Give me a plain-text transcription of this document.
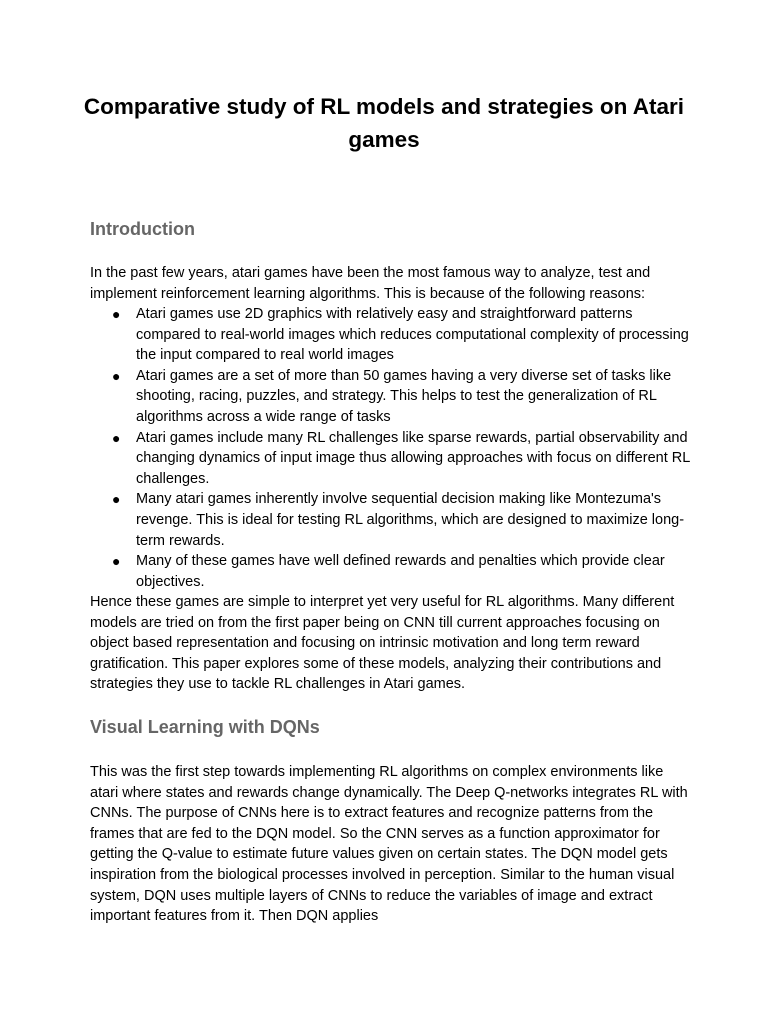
Comparative study of RL models and strategies on Atari games
Introduction

In the past few years, atari games have been the most famous way to analyze, test and implement reinforcement learning algorithms. This is because of the following reasons:

● Atari games use 2D graphics with relatively easy and straightforward patterns compared to real-world images which reduces computational complexity of processing the input compared to real world images
● Atari games are a set of more than 50 games having a very diverse set of tasks like shooting, racing, puzzles, and strategy. This helps to test the generalization of RL algorithms across a wide range of tasks
● Atari games include many RL challenges like sparse rewards, partial observability and changing dynamics of input image thus allowing approaches with focus on different RL challenges.
● Many atari games inherently involve sequential decision making like Montezuma's revenge. This is ideal for testing RL algorithms, which are designed to maximize long-term rewards.
● Many of these games have well defined rewards and penalties which provide clear objectives.

Hence these games are simple to interpret yet very useful for RL algorithms. Many different models are tried on from the first paper being on CNN till current approaches focusing on object based representation and focusing on intrinsic motivation and long term reward gratification. This paper explores some of these models, analyzing their contributions and strategies they use to tackle RL challenges in Atari games.

Visual Learning with DQNs

This was the first step towards implementing RL algorithms on complex environments like atari where states and rewards change dynamically. The Deep Q-networks integrates RL with CNNs. The purpose of CNNs here is to extract features and recognize patterns from the frames that are fed to the DQN model. So the CNN serves as a function approximator for getting the Q-value to estimate future values given on certain states. The DQN model gets inspiration from the biological processes involved in perception. Similar to the human visual system, DQN uses multiple layers of CNNs to reduce the variables of image and extract important features from it. Then DQN applies
